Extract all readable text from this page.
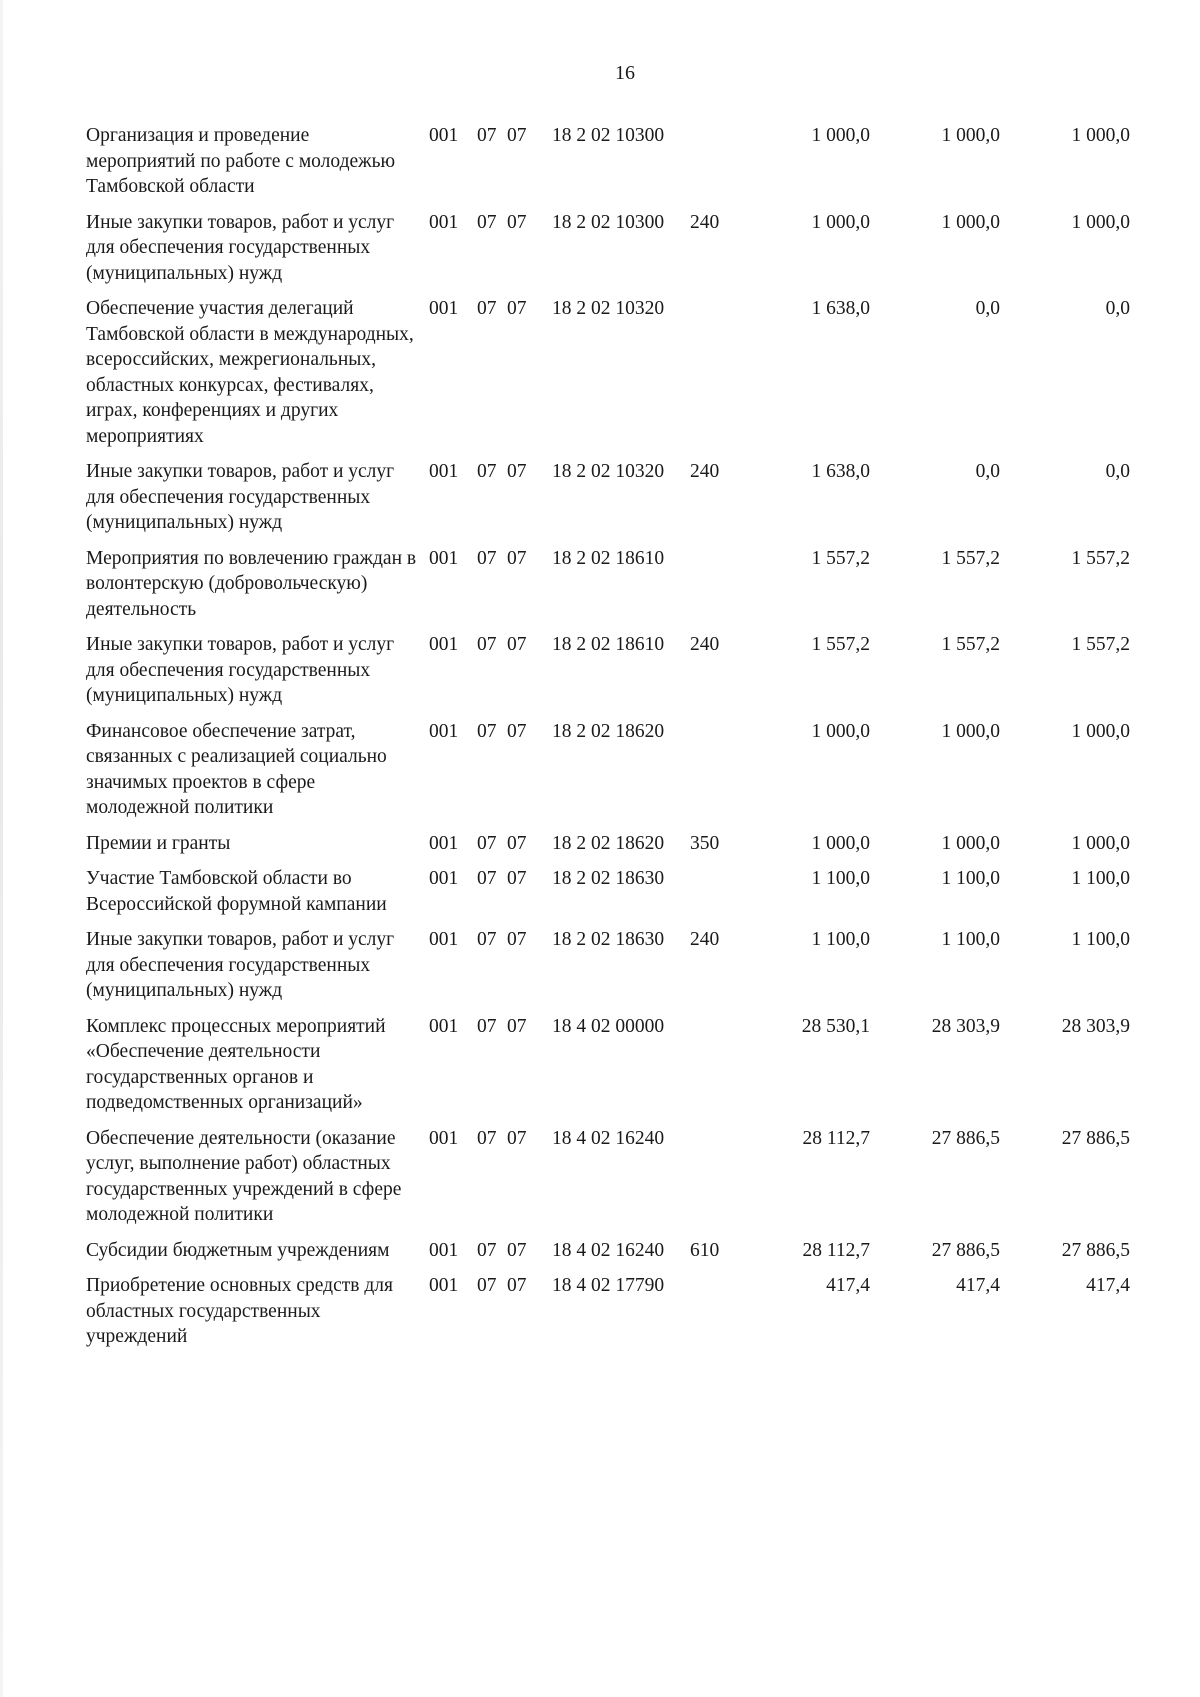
16
Организация и проведение мероприятий по работе с молодежью Тамбовской области	001	07	07	18 2 02 10300		1 000,0	1 000,0	1 000,0
Иные закупки товаров, работ и услуг для обеспечения государственных (муниципальных) нужд	001	07	07	18 2 02 10300	240	1 000,0	1 000,0	1 000,0
Обеспечение участия делегаций Тамбовской области в международных, всероссийских, межрегиональных, областных конкурсах, фестивалях, играх, конференциях и других мероприятиях	001	07	07	18 2 02 10320		1 638,0	0,0	0,0
Иные закупки товаров, работ и услуг для обеспечения государственных (муниципальных) нужд	001	07	07	18 2 02 10320	240	1 638,0	0,0	0,0
Мероприятия по вовлечению граждан в волонтерскую (добровольческую) деятельность	001	07	07	18 2 02 18610		1 557,2	1 557,2	1 557,2
Иные закупки товаров, работ и услуг для обеспечения государственных (муниципальных) нужд	001	07	07	18 2 02 18610	240	1 557,2	1 557,2	1 557,2
Финансовое обеспечение затрат, связанных с реализацией социально значимых проектов в сфере молодежной политики	001	07	07	18 2 02 18620		1 000,0	1 000,0	1 000,0
Премии и гранты	001	07	07	18 2 02 18620	350	1 000,0	1 000,0	1 000,0
Участие Тамбовской области во Всероссийской форумной кампании	001	07	07	18 2 02 18630		1 100,0	1 100,0	1 100,0
Иные закупки товаров, работ и услуг для обеспечения государственных (муниципальных) нужд	001	07	07	18 2 02 18630	240	1 100,0	1 100,0	1 100,0
Комплекс процессных мероприятий «Обеспечение деятельности государственных органов и подведомственных организаций»	001	07	07	18 4 02 00000		28 530,1	28 303,9	28 303,9
Обеспечение деятельности (оказание услуг, выполнение работ) областных государственных учреждений в сфере молодежной политики	001	07	07	18 4 02 16240		28 112,7	27 886,5	27 886,5
Субсидии бюджетным учреждениям	001	07	07	18 4 02 16240	610	28 112,7	27 886,5	27 886,5
Приобретение основных средств для областных государственных учреждений	001	07	07	18 4 02 17790		417,4	417,4	417,4
